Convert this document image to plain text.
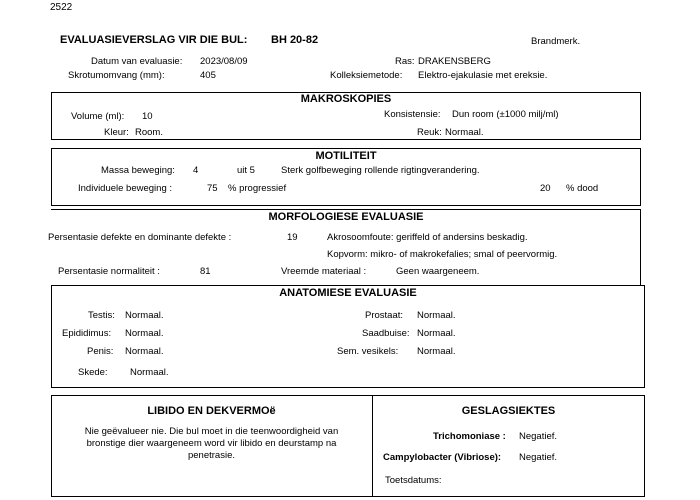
2522
EVALUASIEVERSLAG VIR DIE BUL: BH 20-82	Brandmerk.
Datum van evaluasie: 2023/08/09
Skrotumomvang (mm):	405
Ras: DRAKENSBERG
Kolleksiemetode: Elektro-ejakulasie met ereksie.
MAKROSKOPIES
Volume (ml): 10	Konsistensie: Dun room (±1000 milj/ml)
Kleur: Room.	Reuk: Normaal.
MOTILITEIT
Massa beweging: 4	uit 5	Sterk golfbeweging rollende rigtingverandering.
Individuele beweging :	75 % progressief	20 % dood
MORFOLOGIESE EVALUASIE
Persentasie defekte en dominante defekte :	19	Akrosoomfoute: geriffeld of andersins beskadig.
Kopvorm: mikro- of makrokefalies; smal of peervormig.
Persentasie normaliteit :	81	Vreemde materiaal :	Geen waargeneem.
ANATOMIESE EVALUASIE
Testis: Normaal.
Epididimus: Normaal.
Penis: Normaal.
Skede: Normaal.
Prostaat: Normaal.
Saadbuise: Normaal.
Sem. vesikels: Normaal.
LIBIDO EN DEKVERMOë
Nie geëvalueer nie. Die bul moet in die teenwoordigheid van
bronstige dier waargeneem word vir libido en deurstamp na
penetrasie.
GESLAGSIEKTES
Trichomoniase : Negatief.
Campylobacter (Vibriose): Negatief.
Toetsdatums:
